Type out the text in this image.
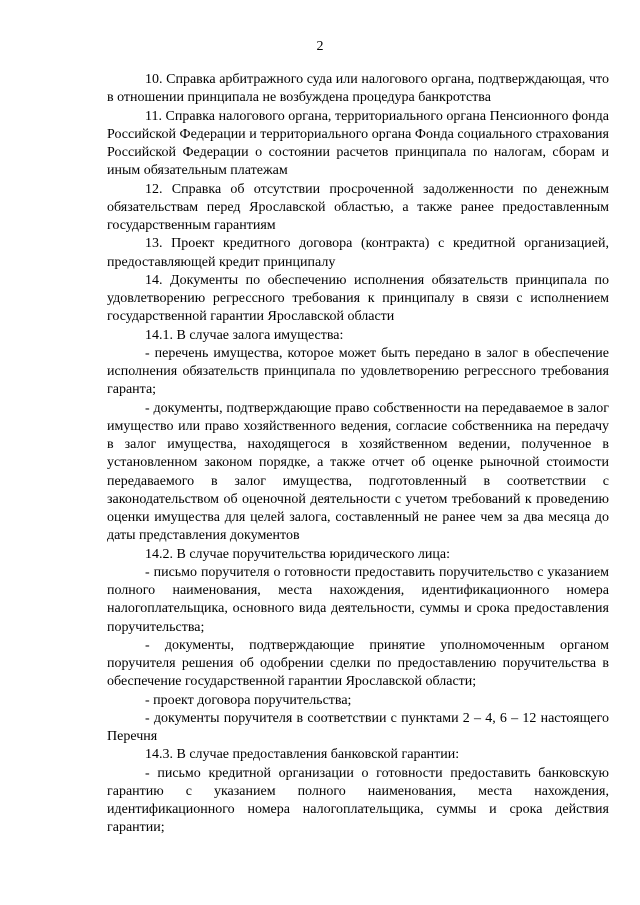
2

10. Справка арбитражного суда или налогового органа, подтверждающая, что в отношении принципала не возбуждена процедура банкротства

11. Справка налогового органа, территориального органа Пенсионного фонда Российской Федерации и территориального органа Фонда социального страхования Российской Федерации о состоянии расчетов принципала по налогам, сборам и иным обязательным платежам

12. Справка об отсутствии просроченной задолженности по денежным обязательствам перед Ярославской областью, а также ранее предоставленным государственным гарантиям

13. Проект кредитного договора (контракта) с кредитной организацией, предоставляющей кредит принципалу

14. Документы по обеспечению исполнения обязательств принципала по удовлетворению регрессного требования к принципалу в связи с исполнением государственной гарантии Ярославской области

14.1. В случае залога имущества:

- перечень имущества, которое может быть передано в залог в обеспечение исполнения обязательств принципала по удовлетворению регрессного требования гаранта;

- документы, подтверждающие право собственности на передаваемое в залог имущество или право хозяйственного ведения, согласие собственника на передачу в залог имущества, находящегося в хозяйственном ведении, полученное в установленном законом порядке, а также отчет об оценке рыночной стоимости передаваемого в залог имущества, подготовленный в соответствии с законодательством об оценочной деятельности с учетом требований к проведению оценки имущества для целей залога, составленный не ранее чем за два месяца до даты представления документов

14.2. В случае поручительства юридического лица:

- письмо поручителя о готовности предоставить поручительство с указанием полного наименования, места нахождения, идентификационного номера налогоплательщика, основного вида деятельности, суммы и срока предоставления поручительства;

- документы, подтверждающие принятие уполномоченным органом поручителя решения об одобрении сделки по предоставлению поручительства в обеспечение государственной гарантии Ярославской области;

- проект договора поручительства;

- документы поручителя в соответствии с пунктами 2 – 4, 6 – 12 настоящего Перечня

14.3. В случае предоставления банковской гарантии:

- письмо кредитной организации о готовности предоставить банковскую гарантию с указанием полного наименования, места нахождения, идентификационного номера налогоплательщика, суммы и срока действия гарантии;
